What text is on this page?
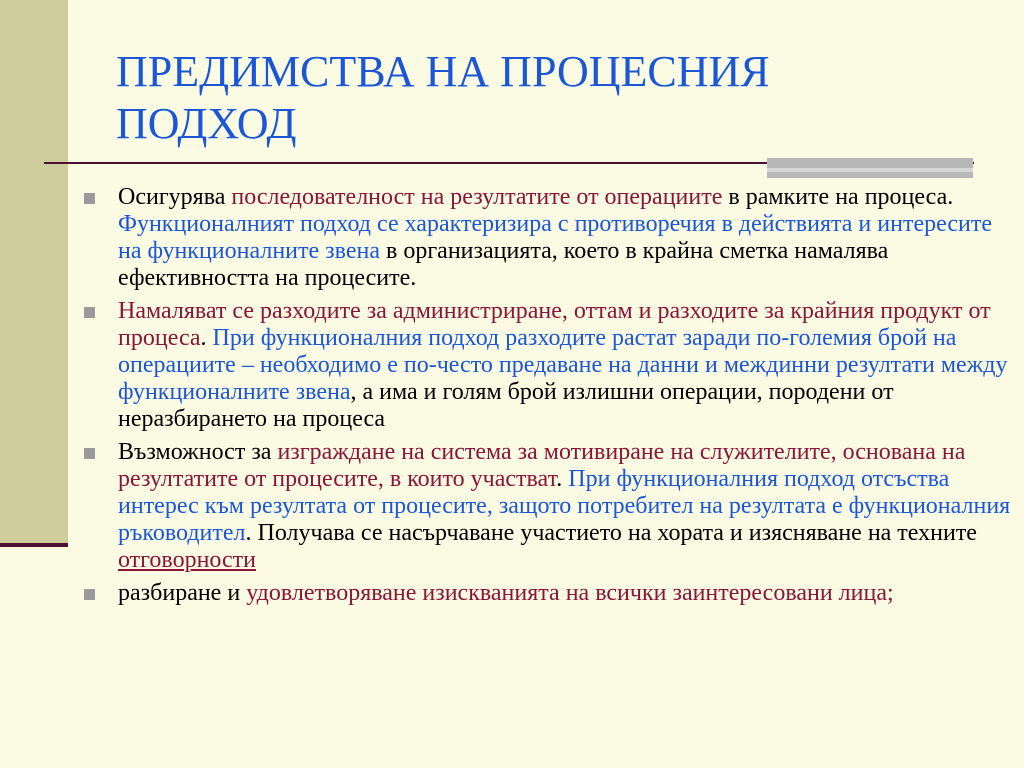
ПРЕДИМСТВА НА ПРОЦЕСНИЯ
ПОДХОД
Осигурява последователност на резултатите от операциите в рамките на процеса. Функционалният подход се характеризира с противоречия в действията и интересите на функционалните звена в организацията, което в крайна сметка намалява ефективността на процесите.
Намаляват се разходите за администриране, оттам и разходите за крайния продукт от процеса. При функционалния подход разходите растат заради по-големия брой на операциите – необходимо е по-често предаване на данни и междинни резултати между функционалните звена, а има и голям брой излишни операции, породени от неразбирането на процеса
Възможност за изграждане на система за мотивиране на служителите, основана на резултатите от процесите, в които участват. При функционалния подход отсъства интерес към резултата от процесите, защото потребител на резултата е функционалния ръководител. Получава се насърчаване участието на хората и изясняване на техните отговорности
разбиране и удовлетворяване изискванията на всички заинтересовани лица;
